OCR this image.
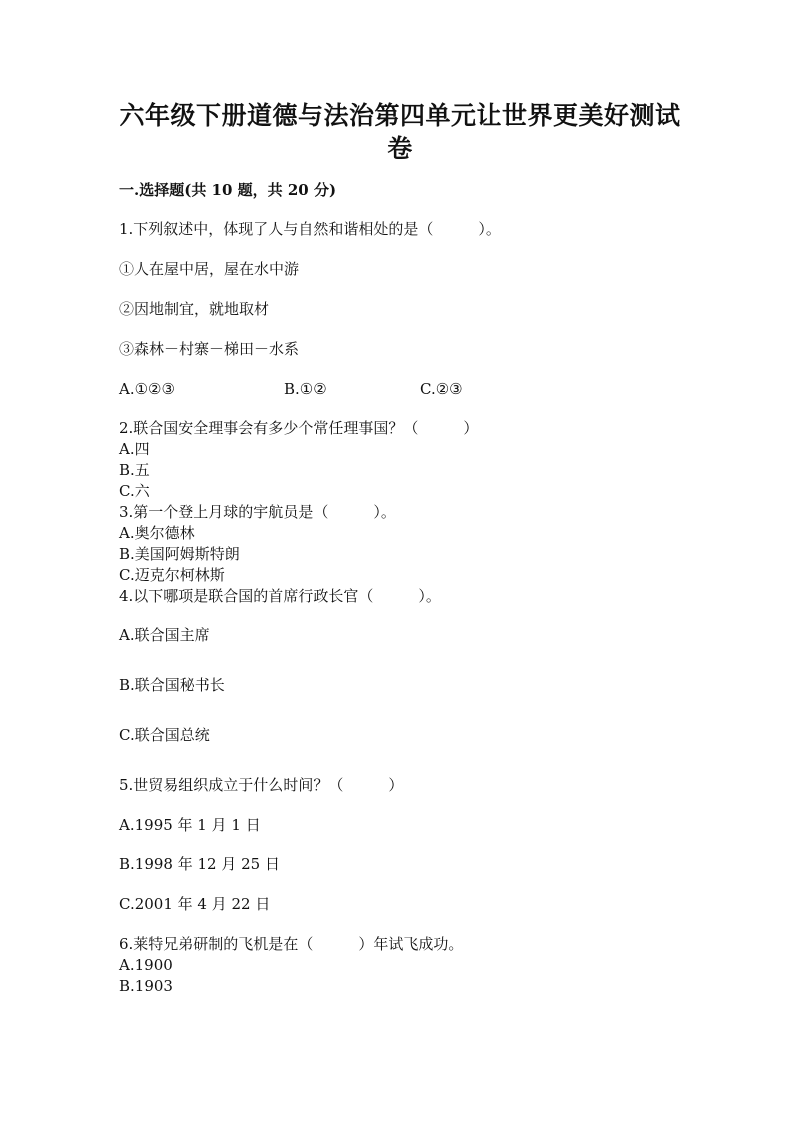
六年级下册道德与法治第四单元让世界更美好测试
卷
一.选择题(共 10 题，共 20 分)
1.下列叙述中，体现了人与自然和谐相处的是（　　　）。
①人在屋中居，屋在水中游
②因地制宜，就地取材
③森林－村寨－梯田－水系
A.①②③	B.①②	C.②③
2.联合国安全理事会有多少个常任理事国？（　　　）
A.四
B.五
C.六
3.第一个登上月球的宇航员是（　　　）。
A.奥尔德林
B.美国阿姆斯特朗
C.迈克尔柯林斯
4.以下哪项是联合国的首席行政长官（　　　）。
A.联合国主席
B.联合国秘书长
C.联合国总统
5.世贸易组织成立于什么时间？（　　　）
A.1995 年 1 月 1 日
B.1998 年 12 月 25 日
C.2001 年 4 月 22 日
6.莱特兄弟研制的飞机是在（　　　）年试飞成功。
A.1900
B.1903
